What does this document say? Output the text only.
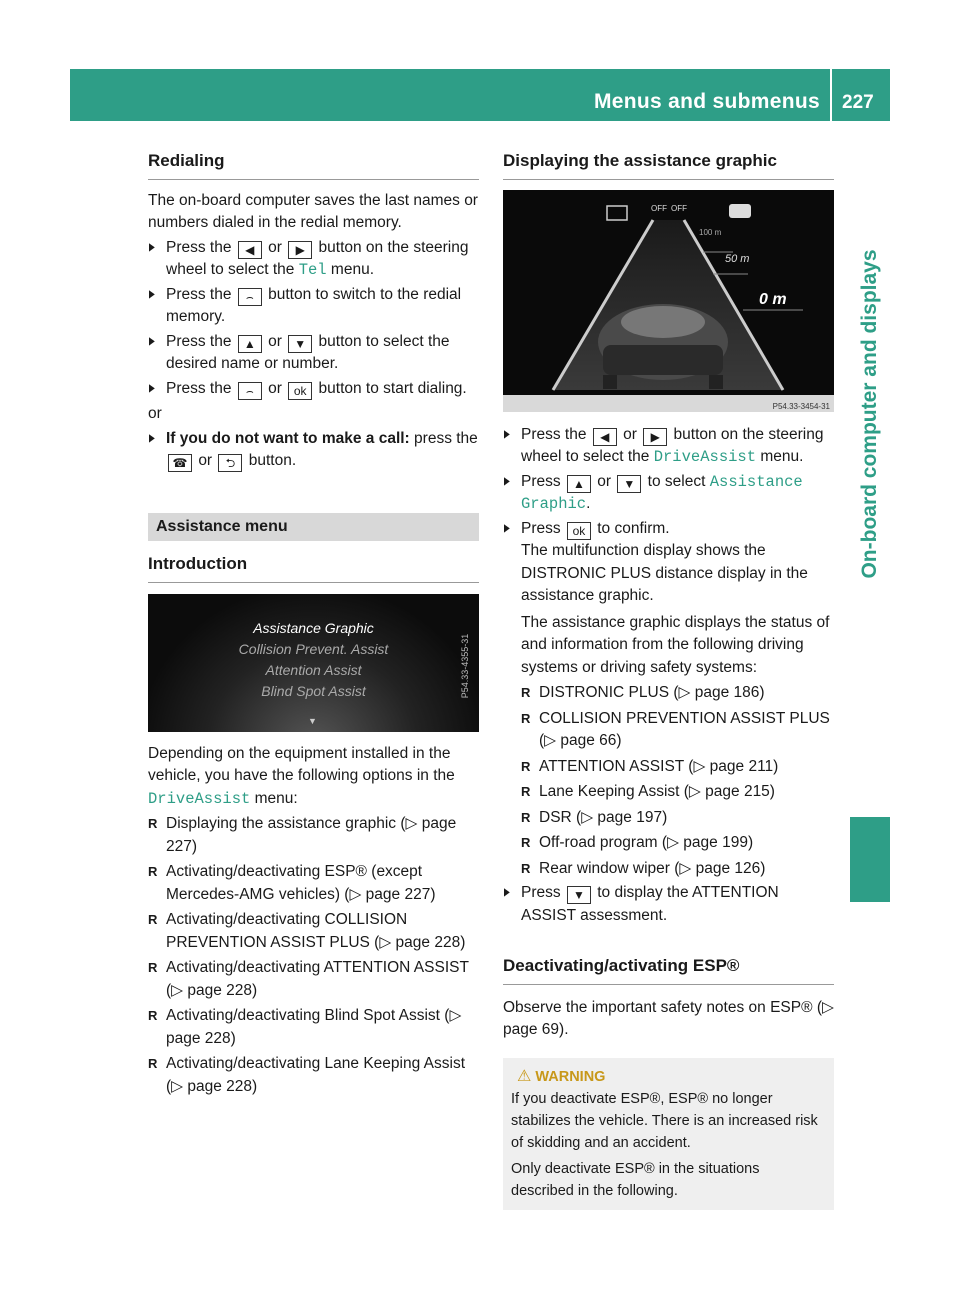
Menus and submenus 227
On-board computer and displays
Redialing

The on-board computer saves the last names or numbers dialed in the redial memory.

▶ Press the ◀ or ▶ button on the steering wheel to select the Tel menu.
▶ Press the ⌢ button to switch to the redial memory.
▶ Press the ▲ or ▼ button to select the desired name or number.
▶ Press the ⌢ or ok button to start dialing.

or

▶ If you do not want to make a call: press the ☎ or ⮌ button.
Assistance menu
Introduction
Assistance Graphic
Collision Prevent. Assist
Attention Assist
Blind Spot Assist
▼
P54.33-4355-31

Depending on the equipment installed in the vehicle, you have the following options in the DriveAssist menu:

R Displaying the assistance graphic (▷ page 227)
R Activating/deactivating ESP® (except Mercedes-AMG vehicles) (▷ page 227)
R Activating/deactivating COLLISION PREVENTION ASSIST PLUS (▷ page 228)
R Activating/deactivating ATTENTION ASSIST (▷ page 228)
R Activating/deactivating Blind Spot Assist (▷ page 228)
R Activating/deactivating Lane Keeping Assist (▷ page 228)
Displaying the assistance graphic
OFF OFF
100 m
50 m
0 m
P54.33-3454-31
▶ Press the ◀ or ▶ button on the steering wheel to select the DriveAssist menu.
▶ Press ▲ or ▼ to select Assistance Graphic.
▶ Press ok to confirm.

The multifunction display shows the DISTRONIC PLUS distance display in the assistance graphic.

The assistance graphic displays the status of and information from the following driving systems or driving safety systems:

R DISTRONIC PLUS (▷ page 186)
R COLLISION PREVENTION ASSIST PLUS (▷ page 66)
R ATTENTION ASSIST (▷ page 211)
R Lane Keeping Assist (▷ page 215)
R DSR (▷ page 197)
R Off-road program (▷ page 199)
R Rear window wiper (▷ page 126)
▶ Press ▼ to display the ATTENTION ASSIST assessment.
Deactivating/activating ESP®

Observe the important safety notes on ESP® (▷ page 69).

⚠ WARNING

If you deactivate ESP®, ESP® no longer stabilizes the vehicle. There is an increased risk of skidding and an accident.

Only deactivate ESP® in the situations described in the following.
